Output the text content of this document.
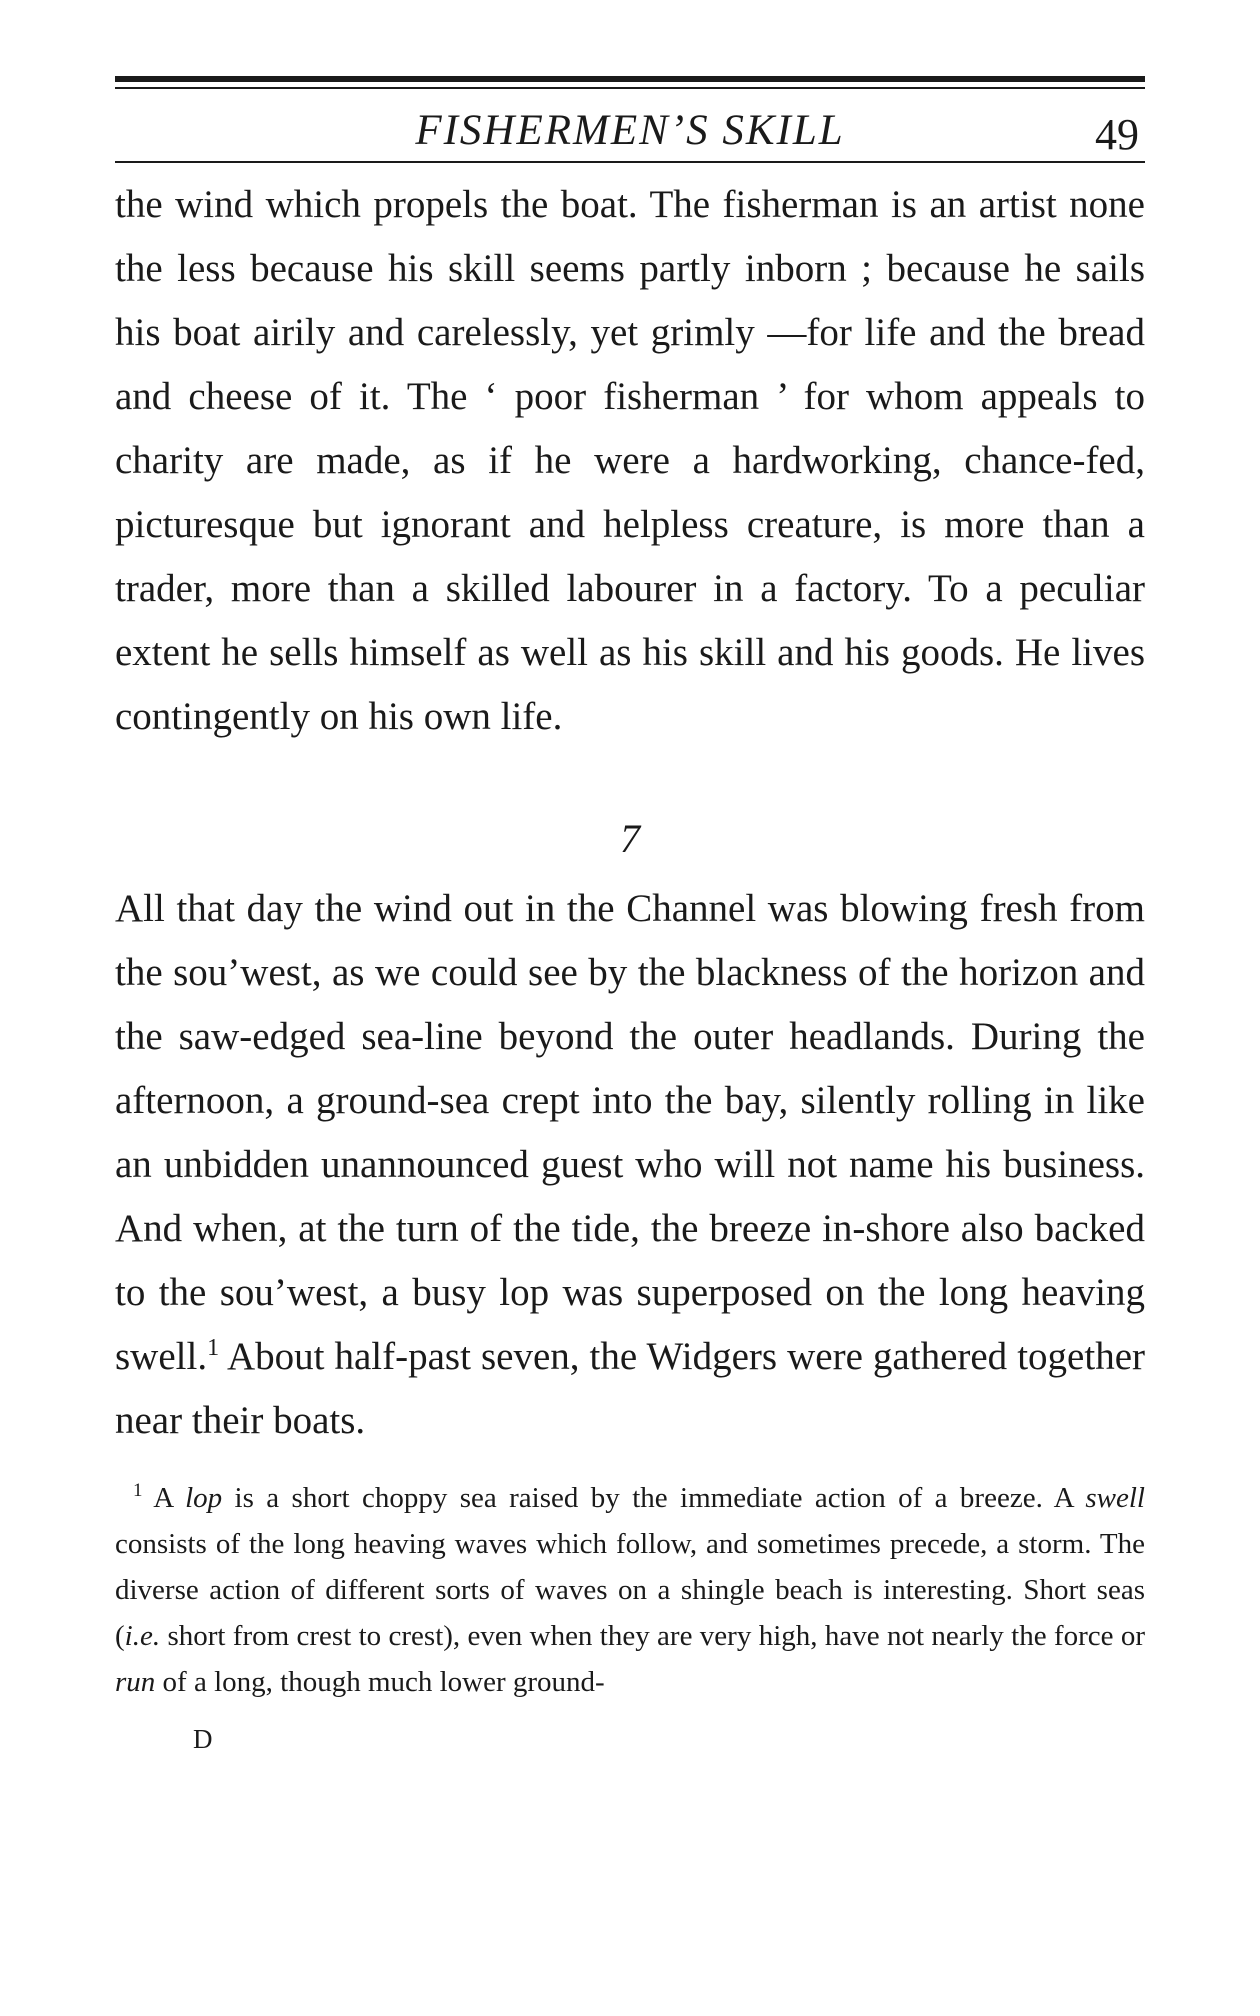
FISHERMEN’S SKILL	49

the wind which propels the boat. The fisherman is an artist none the less because his skill seems partly inborn ; because he sails his boat airily and carelessly, yet grimly —for life and the bread and cheese of it. The ‘ poor fisherman ’ for whom appeals to charity are made, as if he were a hardworking, chance-fed, picturesque but ignorant and helpless creature, is more than a trader, more than a skilled labourer in a factory. To a peculiar extent he sells himself as well as his skill and his goods. He lives contingently on his own life.

7

All that day the wind out in the Channel was blowing fresh from the sou’west, as we could see by the blackness of the horizon and the saw-edged sea-line beyond the outer headlands. During the afternoon, a ground-sea crept into the bay, silently rolling in like an unbidden unannounced guest who will not name his business. And when, at the turn of the tide, the breeze in-shore also backed to the sou’west, a busy lop was superposed on the long heaving swell.$^1$ About half-past seven, the Widgers were gathered together near their boats.

$^1$ A lop is a short choppy sea raised by the immediate action of a breeze. A swell consists of the long heaving waves which follow, and sometimes precede, a storm. The diverse action of different sorts of waves on a shingle beach is interesting. Short seas (i.e. short from crest to crest), even when they are very high, have not nearly the force or run of a long, though much lower ground-

D
